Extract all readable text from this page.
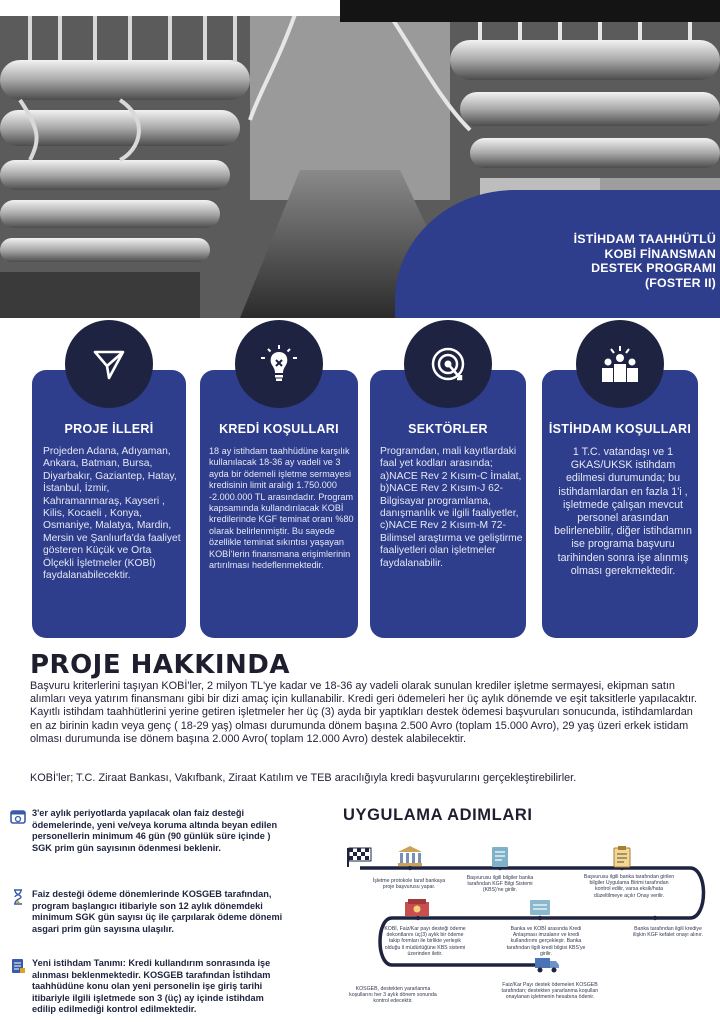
İSTİHDAM TAAHHÜTLÜ
KOBİ FİNANSMAN
DESTEK PROGRAMI
(FOSTER II)
PROJE İLLERİ

Projeden Adana, Adıyaman, Ankara, Batman, Bursa, Diyarbakır, Gaziantep, Hatay, İstanbul, İzmir, Kahramanmaraş, Kayseri , Kilis, Kocaeli , Konya, Osmaniye, Malatya, Mardin, Mersin ve Şanlıurfa'da faaliyet gösteren Küçük ve Orta Ölçekli İşletmeler (KOBİ) faydalanabilecektir.

KREDİ KOŞULLARI

18 ay istihdam taahhüdüne karşılık kullanılacak 18-36 ay vadeli ve 3 ayda bir ödemeli işletme sermayesi kredisinin limit aralığı 1.750.000 -2.000.000 TL arasındadır. Program kapsamında kullandırılacak KOBİ kredilerinde KGF teminat oranı %80 olarak belirlenmiştir. Bu sayede özellikle teminat sıkıntısı yaşayan KOBİ'lerin finansmana erişimlerinin artırılması hedeflenmektedir.

SEKTÖRLER

Programdan, mali kayıtlardaki faal yet kodları arasında; a)NACE Rev 2 Kısım-C İmalat, b)NACE Rev 2 Kısım-J 62- Bilgisayar programlama, danışmanlık ve ilgili faaliyetler, c)NACE Rev 2 Kısım-M 72- Bilimsel araştırma ve geliştirme faaliyetleri olan işletmeler faydalanabilir.

İSTİHDAM KOŞULLARI

1 T.C. vatandaşı ve 1 GKAS/UKSK istihdam edilmesi durumunda; bu istihdamlardan en fazla 1'i , işletmede çalışan mevcut personel arasından belirlenebilir, diğer istihdamın ise programa başvuru tarihinden sonra işe alınmış olması gerekmektedir.

PROJE HAKKINDA
Başvuru kriterlerini taşıyan KOBİ'ler, 2 milyon TL'ye kadar ve 18-36 ay vadeli olarak sunulan krediler işletme sermayesi, ekipman satın alımları veya yatırım finansmanı gibi bir dizi amaç için kullanabilir. Kredi geri ödemeleri her üç aylık dönemde ve eşit taksitlerle yapılacaktır. Kayıtlı istihdam taahhütlerini yerine getiren işletmeler her üç (3) ayda bir yaptıkları destek ödemesi başvuruları sonucunda, istihdamlardan en az birinin kadın veya genç ( 18-29 yaş) olması durumunda dönem başına 2.500 Avro (toplam 15.000 Avro), 29 yaş üzeri erkek istidam olması durumunda ise dönem başına 2.000 Avro( toplam 12.000 Avro) destek alabilecektir.
KOBİ'ler; T.C. Ziraat Bankası, Vakıfbank, Ziraat Katılım ve TEB aracılığıyla kredi başvurularını gerçekleştirebilirler.

3'er aylık periyotlarda yapılacak olan faiz desteği ödemelerinde, yeni ve/veya koruma altında beyan edilen personellerin minimum 46 gün (90 günlük süre içinde ) SGK prim gün sayısının ödenmesi beklenir.

Faiz desteği ödeme dönemlerinde KOSGEB tarafından, program başlangıcı itibariyle son 12 aylık dönemdeki minimum SGK gün sayısı üç ile çarpılarak ödeme dönemi asgari prim gün sayısına ulaşılır.

Yeni istihdam Tanımı: Kredi kullandırım sonrasında işe alınması beklenmektedir. KOSGEB tarafından İstihdam taahhüdüne konu olan yeni personelin işe giriş tarihi itibariyle ilgili işletmede son 3 (üç) ay içinde istihdam edilip edilmediği kontrol edilmektedir.

UYGULAMA ADIMLARI
İşletme protokole taraf bankaya proje başvurusu yapar.
Başvurusu ilgili bilgiler banka tarafından KGF Bilgi Sistemi (KBS)'ne girilir.
Başvurusu ilgili banka tarafından girilen bilgiler Uygulama Birimi tarafından kontrol edilir, varsa eksik/hata düzeltilmeye açılır Onay verilir.
Banka tarafından ilgili krediye ilişkin KGF kefalet onayı alınır.
Banka ve KOBİ arasında Kredi Anlaşması imzalanır ve kredi kullandırımı gerçekleşir. Banka tarafından ilgili kredi bilgisi KBS'ye girilir.
KOBİ, Faiz/Kar payı desteği ödeme dekontlarını üç(3) aylık bir ödeme takip formları ile birlikte yerleşik olduğu il müdürlüğüne KBS sistemi üzerinden iletir.
KOSGEB, destekten yararlanma koşullarını her 3 aylık dönem sonunda kontrol edecektir.
Faiz/Kar Payı destek ödemeleri KOSGEB tarafından; destekten yararlanma koşulları onaylanan işletmenin hesabına ödenir.
